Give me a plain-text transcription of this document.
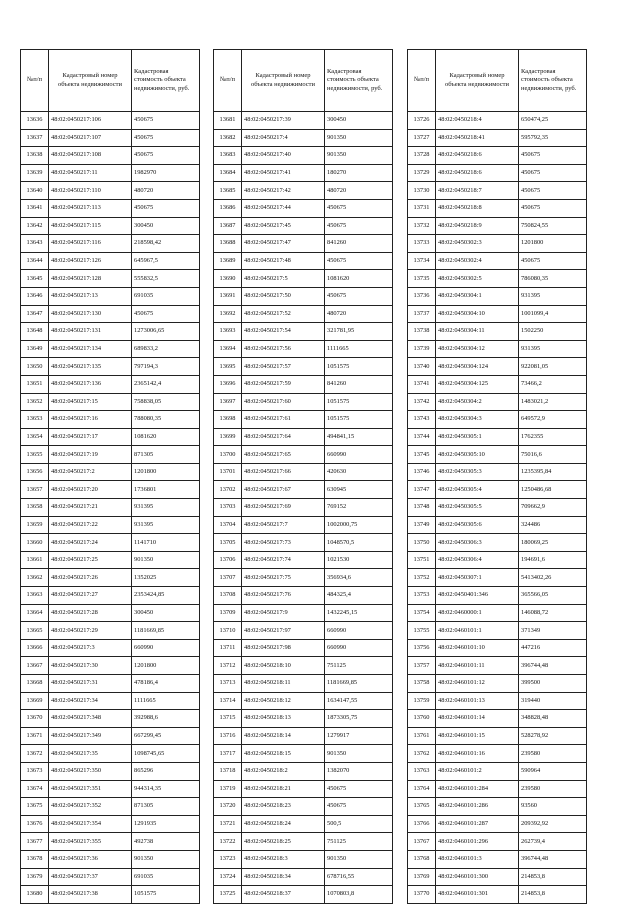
№п/п	Кадастровый номер объекта недвижимости	Кадастровая стоимость объекта недвижимости, руб.
13636	48:02:0450217:106	450675
13637	48:02:0450217:107	450675
13638	48:02:0450217:108	450675
13639	48:02:0450217:11	1982970
13640	48:02:0450217:110	480720
13641	48:02:0450217:113	450675
13642	48:02:0450217:115	300450
13643	48:02:0450217:116	218598,42
13644	48:02:0450217:126	645967,5
13645	48:02:0450217:128	555832,5
13646	48:02:0450217:13	691035
13647	48:02:0450217:130	450675
13648	48:02:0450217:131	1273006,65
13649	48:02:0450217:134	689833,2
13650	48:02:0450217:135	797194,3
13651	48:02:0450217:136	2365142,4
13652	48:02:0450217:15	758838,05
13653	48:02:0450217:16	788080,35
13654	48:02:0450217:17	1081620
13655	48:02:0450217:19	871305
13656	48:02:0450217:2	1201800
13657	48:02:0450217:20	1736801
13658	48:02:0450217:21	931395
13659	48:02:0450217:22	931395
13660	48:02:0450217:24	1141710
13661	48:02:0450217:25	901350
13662	48:02:0450217:26	1352025
13663	48:02:0450217:27	2353424,85
13664	48:02:0450217:28	300450
13665	48:02:0450217:29	1181669,85
13666	48:02:0450217:3	660990
13667	48:02:0450217:30	1201800
13668	48:02:0450217:31	478186,4
13669	48:02:0450217:34	1111665
13670	48:02:0450217:348	392988,6
13671	48:02:0450217:349	667299,45
13672	48:02:0450217:35	1098745,65
13673	48:02:0450217:350	865296
13674	48:02:0450217:351	944314,35
13675	48:02:0450217:352	871305
13676	48:02:0450217:354	1291935
13677	48:02:0450217:355	492738
13678	48:02:0450217:36	901350
13679	48:02:0450217:37	691035
13680	48:02:0450217:38	1051575
№п/п	Кадастровый номер объекта недвижимости	Кадастровая стоимость объекта недвижимости, руб.
13681	48:02:0450217:39	300450
13682	48:02:0450217:4	901350
13683	48:02:0450217:40	901350
13684	48:02:0450217:41	180270
13685	48:02:0450217:42	480720
13686	48:02:0450217:44	450675
13687	48:02:0450217:45	450675
13688	48:02:0450217:47	841260
13689	48:02:0450217:48	450675
13690	48:02:0450217:5	1081620
13691	48:02:0450217:50	450675
13692	48:02:0450217:52	480720
13693	48:02:0450217:54	321781,95
13694	48:02:0450217:56	1111665
13695	48:02:0450217:57	1051575
13696	48:02:0450217:59	841260
13697	48:02:0450217:60	1051575
13698	48:02:0450217:61	1051575
13699	48:02:0450217:64	494841,15
13700	48:02:0450217:65	660990
13701	48:02:0450217:66	420630
13702	48:02:0450217:67	630945
13703	48:02:0450217:69	769152
13704	48:02:0450217:7	1002000,75
13705	48:02:0450217:73	1048570,5
13706	48:02:0450217:74	1021530
13707	48:02:0450217:75	356934,6
13708	48:02:0450217:76	484325,4
13709	48:02:0450217:9	1432245,15
13710	48:02:0450217:97	660990
13711	48:02:0450217:98	660990
13712	48:02:0450218:10	751125
13713	48:02:0450218:11	1181669,85
13714	48:02:0450218:12	1634147,55
13715	48:02:0450218:13	1873305,75
13716	48:02:0450218:14	1279917
13717	48:02:0450218:15	901350
13718	48:02:0450218:2	1382070
13719	48:02:0450218:21	450675
13720	48:02:0450218:23	450675
13721	48:02:0450218:24	500,5
13722	48:02:0450218:25	751125
13723	48:02:0450218:3	901350
13724	48:02:0450218:34	678716,55
13725	48:02:0450218:37	1070803,8
№п/п	Кадастровый номер объекта недвижимости	Кадастровая стоимость объекта недвижимости, руб.
13726	48:02:0450218:4	650474,25
13727	48:02:0450218:41	595792,35
13728	48:02:0450218:6	450675
13729	48:02:0450218:6	450675
13730	48:02:0450218:7	450675
13731	48:02:0450218:8	450675
13732	48:02:0450218:9	750824,55
13733	48:02:0450302:3	1201800
13734	48:02:0450302:4	450675
13735	48:02:0450302:5	786080,35
13736	48:02:0450304:1	931395
13737	48:02:0450304:10	1001099,4
13738	48:02:0450304:11	1502250
13739	48:02:0450304:12	931395
13740	48:02:0450304:124	922081,05
13741	48:02:0450304:125	73466,2
13742	48:02:0450304:2	1483021,2
13743	48:02:0450304:3	649572,9
13744	48:02:0450305:1	1762355
13745	48:02:0450305:10	75016,6
13746	48:02:0450305:3	1235395,84
13747	48:02:0450305:4	1250486,68
13748	48:02:0450305:5	709662,9
13749	48:02:0450305:6	324486
13750	48:02:0450306:3	180069,25
13751	48:02:0450306:4	194691,6
13752	48:02:0450307:1	5413402,26
13753	48:02:0450401:346	365566,05
13754	48:02:0460000:1	146088,72
13755	48:02:0460101:1	371349
13756	48:02:0460101:10	447216
13757	48:02:0460101:11	396744,48
13758	48:02:0460101:12	399500
13759	48:02:0460101:13	319440
13760	48:02:0460101:14	348828,48
13761	48:02:0460101:15	528278,92
13762	48:02:0460101:16	239580
13763	48:02:0460101:2	590964
13764	48:02:0460101:284	239580
13765	48:02:0460101:286	93560
13766	48:02:0460101:287	209392,92
13767	48:02:0460101:296	262739,4
13768	48:02:0460101:3	396744,48
13769	48:02:0460101:300	214853,8
13770	48:02:0460101:301	214853,8
